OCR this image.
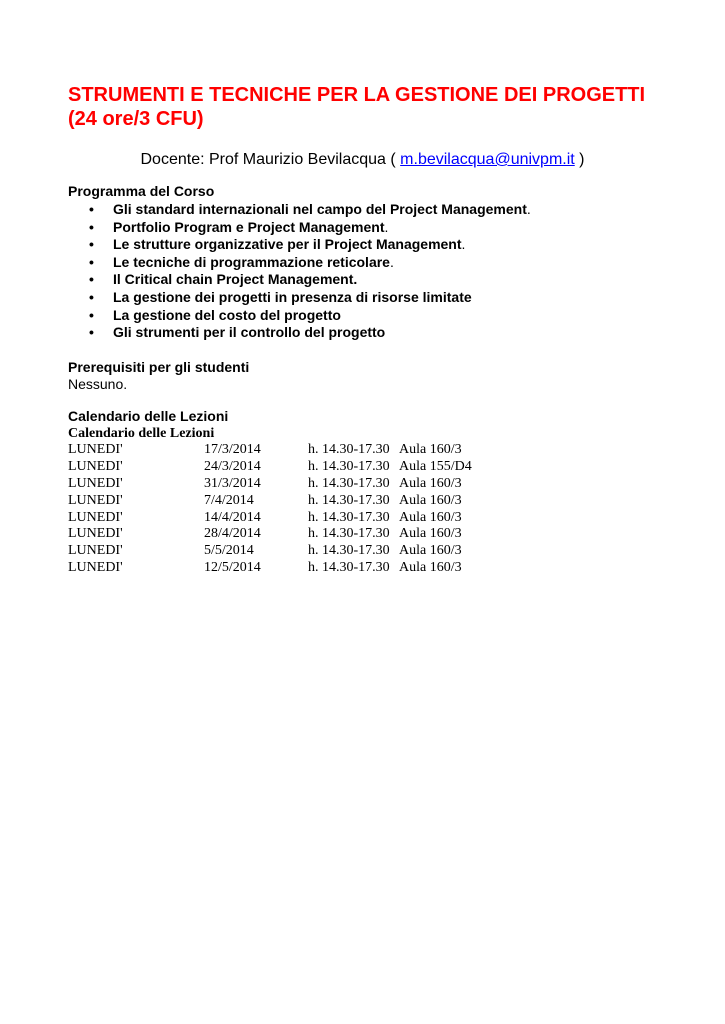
STRUMENTI E TECNICHE PER LA GESTIONE DEI PROGETTI (24 ore/3 CFU)
Docente: Prof Maurizio Bevilacqua ( m.bevilacqua@univpm.it )

Programma del Corso

• Gli standard internazionali nel campo del Project Management.
• Portfolio Program e Project Management.
• Le strutture organizzative per il Project Management.
• Le tecniche di programmazione reticolare.
• Il Critical chain Project Management.
• La gestione dei progetti in presenza di risorse limitate
• La gestione del costo del progetto
• Gli strumenti per il controllo del progetto

Prerequisiti per gli studenti

Nessuno.

Calendario delle Lezioni

Calendario delle Lezioni
LUNEDI'	17/3/2014	h. 14.30-17.30 Aula 160/3
LUNEDI'	24/3/2014	h. 14.30-17.30 Aula 155/D4
LUNEDI'	31/3/2014	h. 14.30-17.30 Aula 160/3
LUNEDI'	7/4/2014	h. 14.30-17.30 Aula 160/3
LUNEDI'	14/4/2014	h. 14.30-17.30 Aula 160/3
LUNEDI'	28/4/2014	h. 14.30-17.30 Aula 160/3
LUNEDI'	5/5/2014	h. 14.30-17.30 Aula 160/3
LUNEDI'	12/5/2014	h. 14.30-17.30 Aula 160/3
